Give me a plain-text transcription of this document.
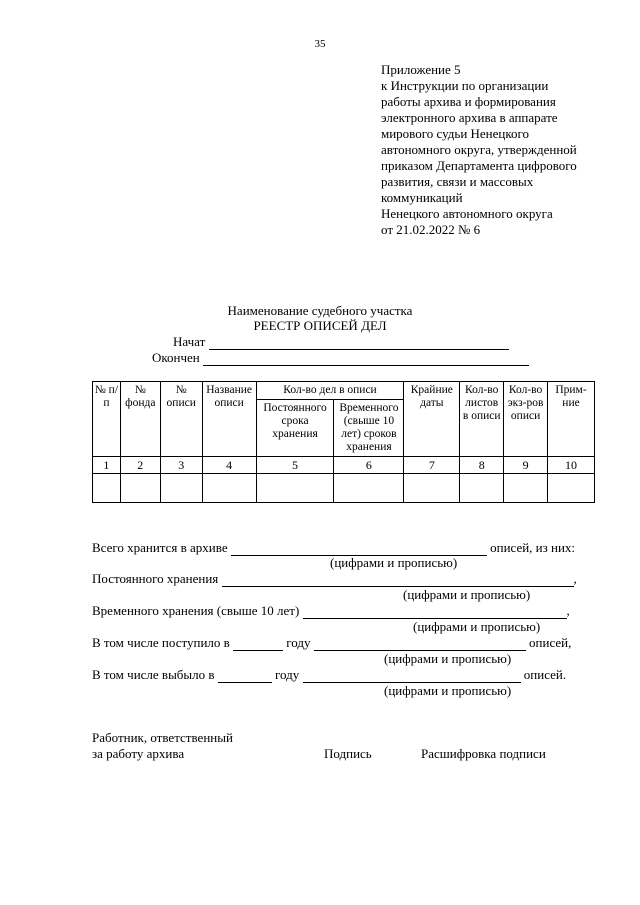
35
Приложение 5
к Инструкции по организации
работы архива и формирования
электронного архива в аппарате
мирового судьи Ненецкого
автономного округа, утвержденной
приказом Департамента цифрового
развития, связи и массовых
коммуникаций
Ненецкого автономного округа
от 21.02.2022 № 6
Наименование судебного участка
РЕЕСТР ОПИСЕЙ ДЕЛ
Начат
Окончен
№ п/п	№ фонда	№ описи	Название описи	Кол-во дел в описи		Крайние даты	Кол-во листов в описи	Кол-во экз-ров описи	Прим-ние
				Постоянного срока хранения	Временного (свыше 10 лет) сроков хранения				
1	2	3	4	5	6	7	8	9	10

Всего хранится в архиве	описей, из них:
(цифрами и прописью)
Постоянного хранения	,
(цифрами и прописью)
Временного хранения (свыше 10 лет)	,
(цифрами и прописью)
В том числе поступило в	году	описей,
(цифрами и прописью)
В том числе выбыло в	году	описей.
(цифрами и прописью)
Работник, ответственный
за работу архива	Подпись	Расшифровка подписи
